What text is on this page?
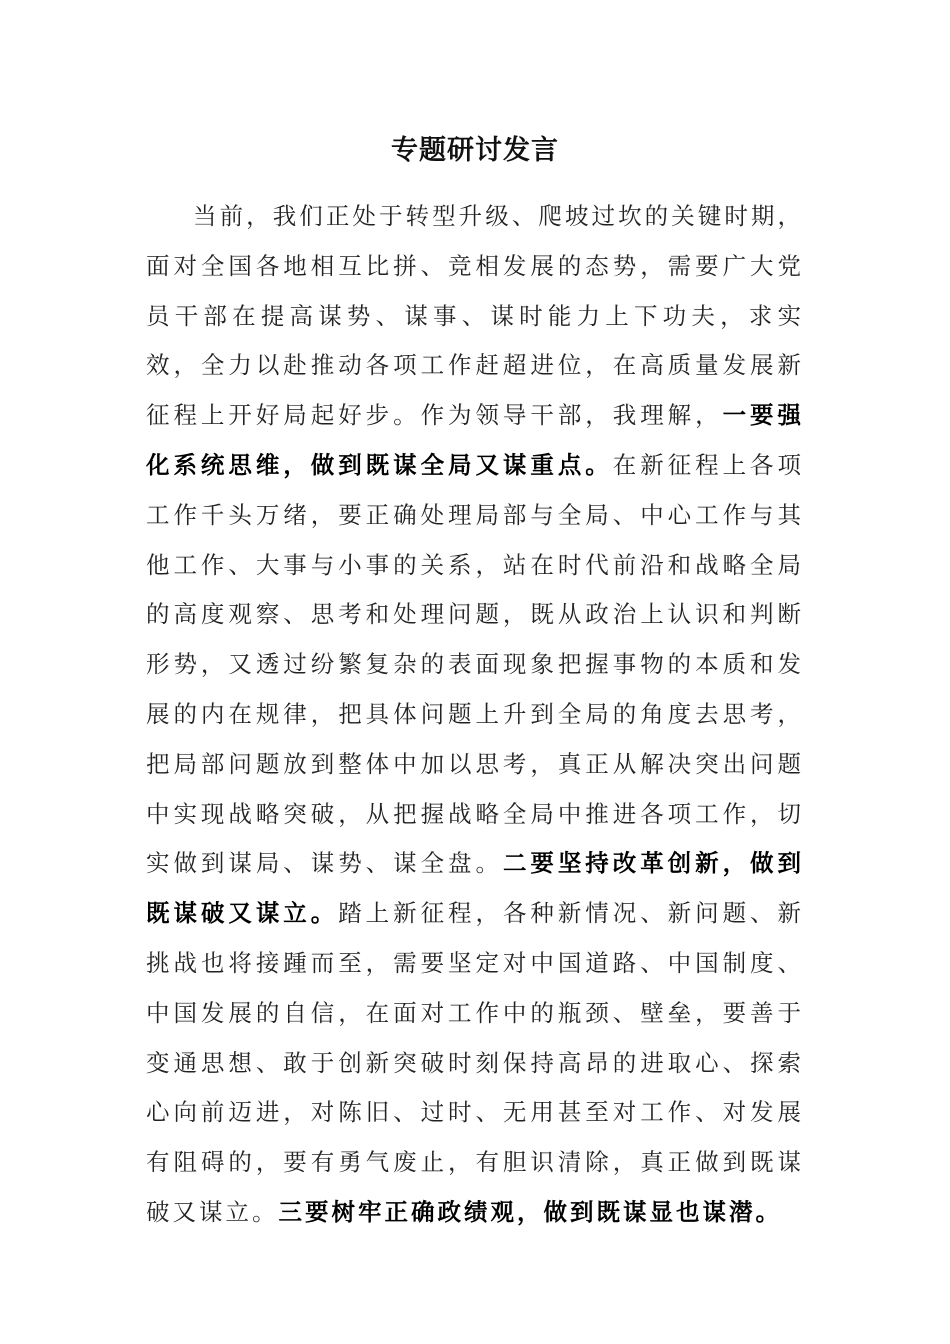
专题研讨发言

当前，我们正处于转型升级、爬坡过坎的关键时期，面对全国各地相互比拼、竞相发展的态势，需要广大党员干部在提高谋势、谋事、谋时能力上下功夫，求实效，全力以赴推动各项工作赶超进位，在高质量发展新征程上开好局起好步。作为领导干部，我理解，一要强化系统思维，做到既谋全局又谋重点。在新征程上各项工作千头万绪，要正确处理局部与全局、中心工作与其他工作、大事与小事的关系，站在时代前沿和战略全局的高度观察、思考和处理问题，既从政治上认识和判断形势，又透过纷繁复杂的表面现象把握事物的本质和发展的内在规律，把具体问题上升到全局的角度去思考，把局部问题放到整体中加以思考，真正从解决突出问题中实现战略突破，从把握战略全局中推进各项工作，切实做到谋局、谋势、谋全盘。二要坚持改革创新，做到既谋破又谋立。踏上新征程，各种新情况、新问题、新挑战也将接踵而至，需要坚定对中国道路、中国制度、中国发展的自信，在面对工作中的瓶颈、壁垒，要善于变通思想、敢于创新突破时刻保持高昂的进取心、探索心向前迈进，对陈旧、过时、无用甚至对工作、对发展有阻碍的，要有勇气废止，有胆识清除，真正做到既谋破又谋立。三要树牢正确政绩观，做到既谋显也谋潜。
